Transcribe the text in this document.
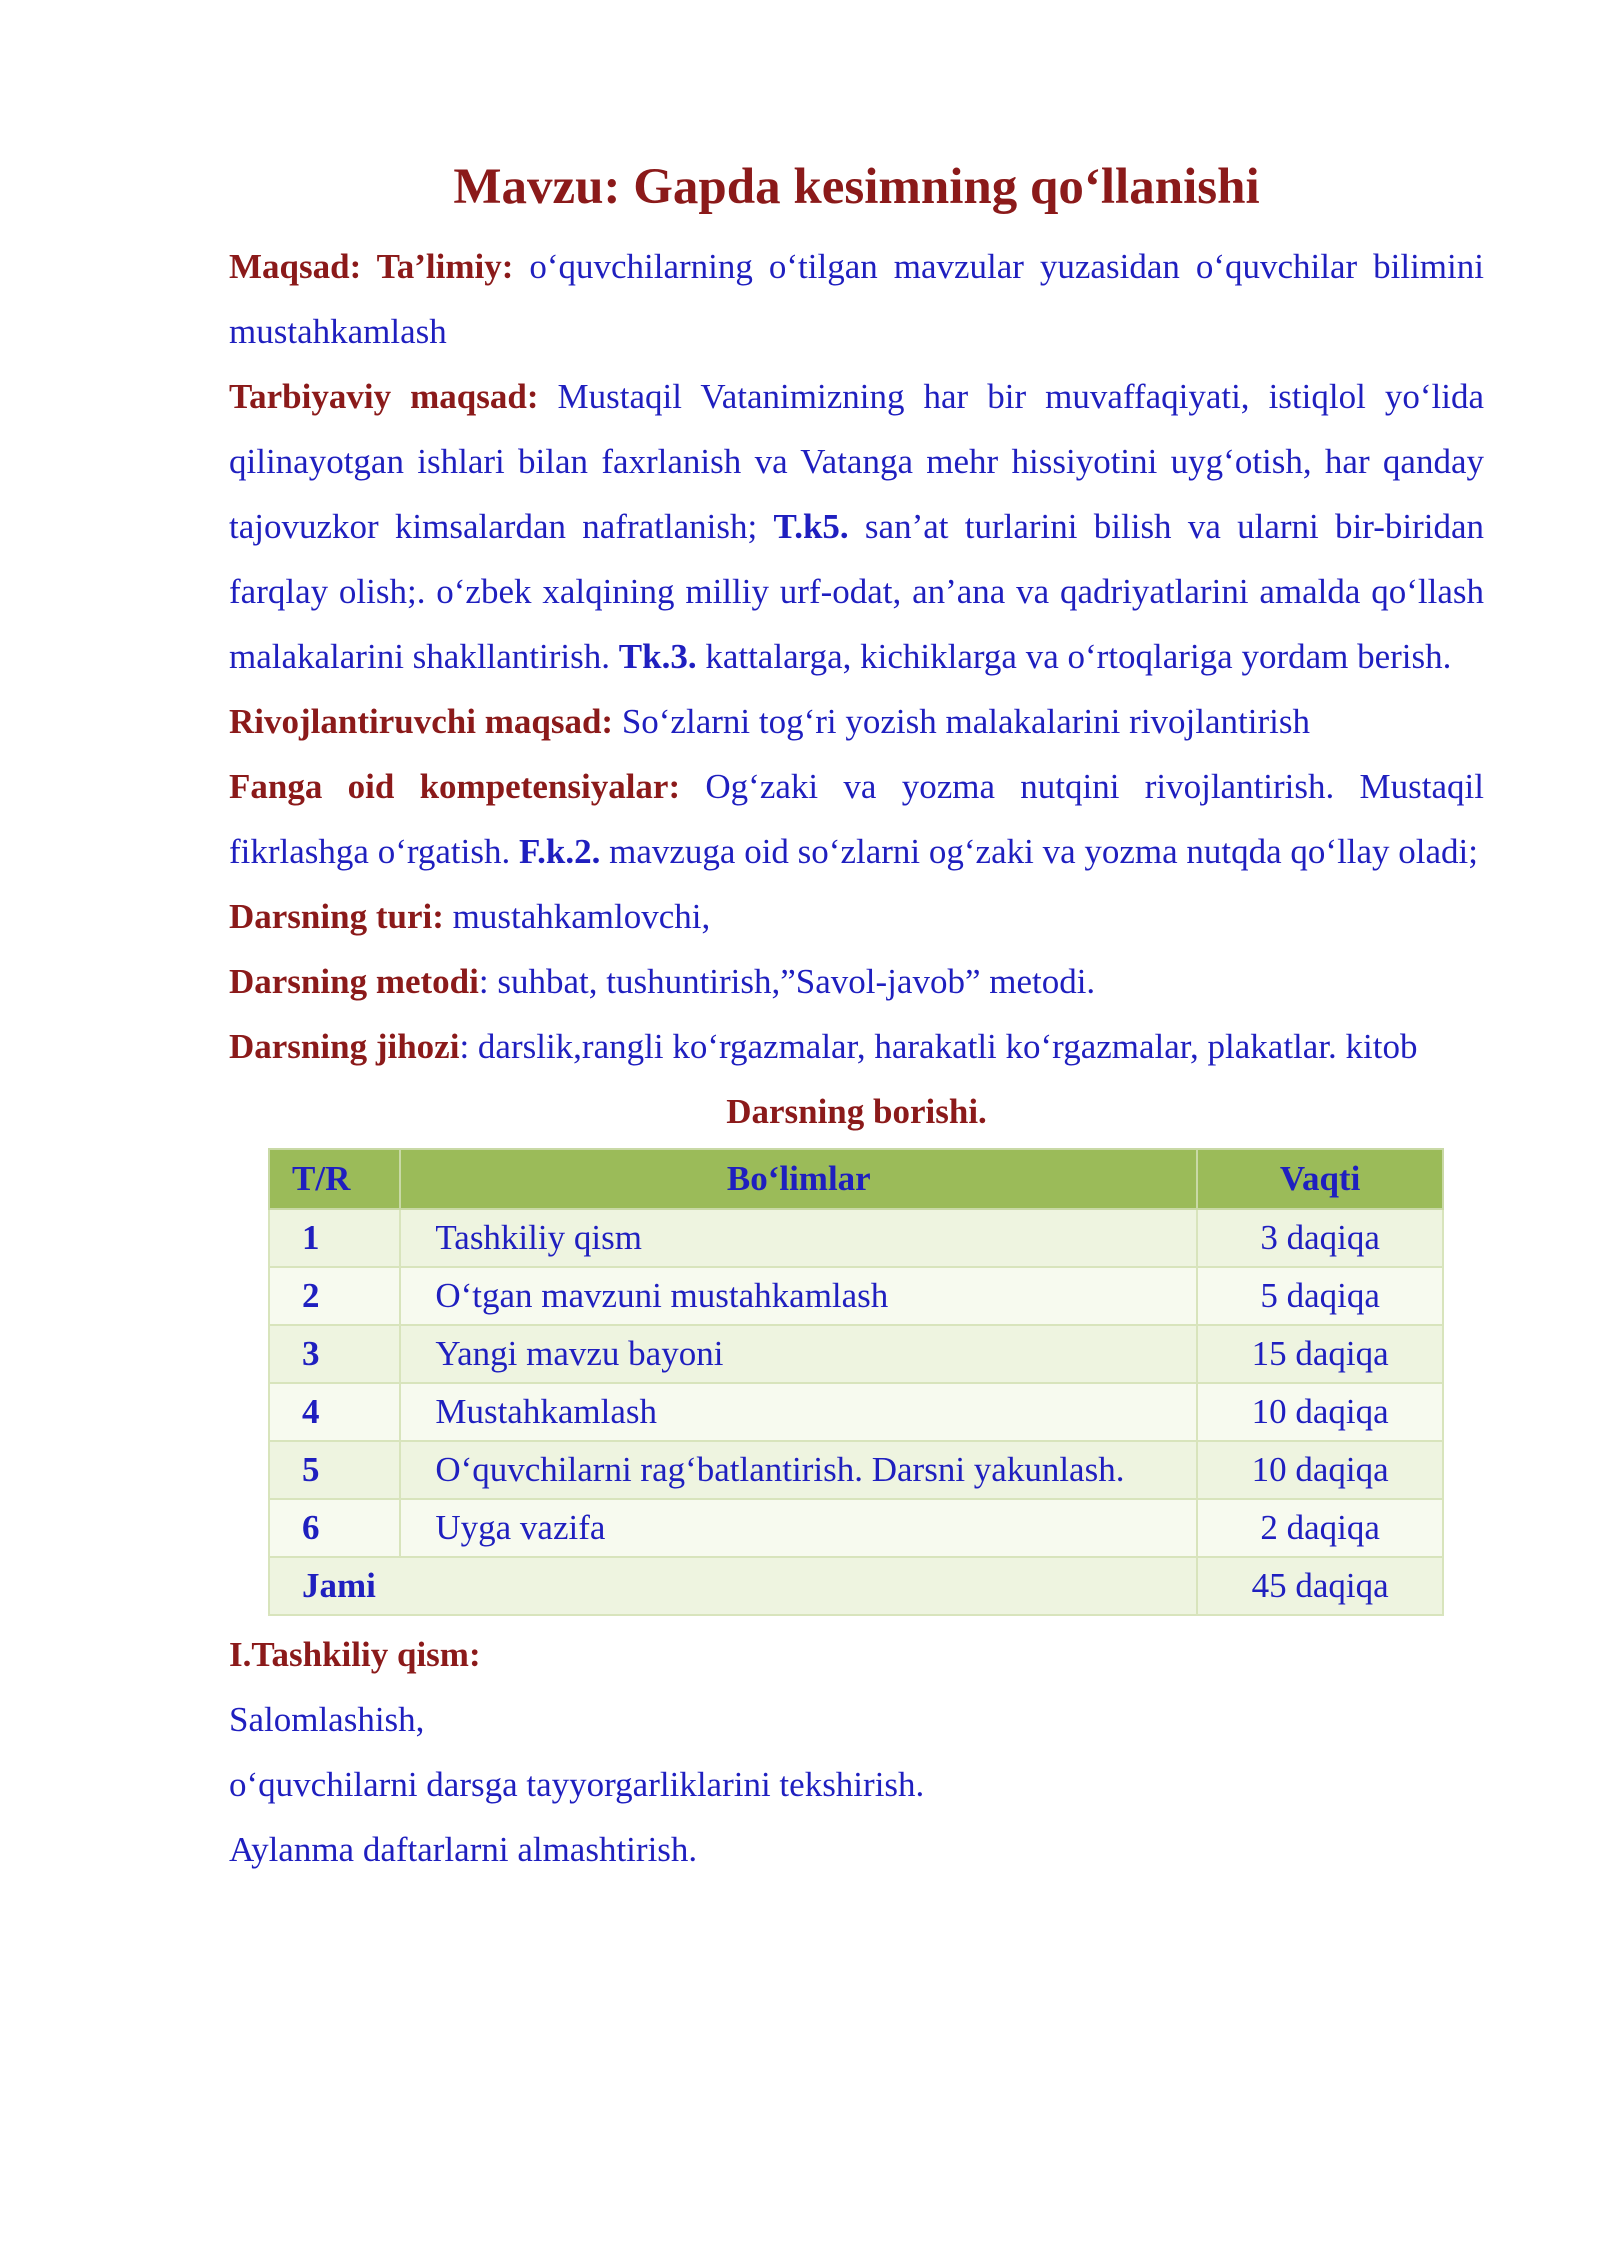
Mavzu: Gapda kesimning qo‘llanishi

Maqsad: Ta’limiy: o‘quvchilarning o‘tilgan mavzular yuzasidan o‘quvchilar bilimini mustahkamlash

Tarbiyaviy maqsad: Mustaqil Vatanimizning har bir muvaffaqiyati, istiqlol yo‘lida qilinayotgan ishlari bilan faxrlanish va Vatanga mehr hissiyotini uyg‘otish, har qanday tajovuzkor kimsalardan nafratlanish; T.k5. san’at turlarini bilish va ularni bir-biridan farqlay olish;. o‘zbek xalqining milliy urf-odat, an’ana va qadriyatlarini amalda qo‘llash malakalarini shakllantirish. Tk.3. kattalarga, kichiklarga va o‘rtoqlariga yordam berish.

Rivojlantiruvchi maqsad: So‘zlarni tog‘ri yozish malakalarini rivojlantirish

Fanga oid kompetensiyalar: Og‘zaki va yozma nutqini rivojlantirish. Mustaqil fikrlashga o‘rgatish. F.k.2. mavzuga oid so‘zlarni og‘zaki va yozma nutqda qo‘llay oladi;

Darsning turi: mustahkamlovchi,

Darsning metodi: suhbat, tushuntirish,”Savol-javob” metodi.

Darsning jihozi: darslik,rangli ko‘rgazmalar, harakatli ko‘rgazmalar, plakatlar. kitob

Darsning borishi.

T/R	Bo‘limlar	Vaqti
1	Tashkiliy qism	3 daqiqa
2	O‘tgan mavzuni mustahkamlash	5 daqiqa
3	Yangi mavzu bayoni	15 daqiqa
4	Mustahkamlash	10 daqiqa
5	O‘quvchilarni rag‘batlantirish. Darsni yakunlash.	10 daqiqa
6	Uyga vazifa	2 daqiqa
Jami		45 daqiqa

I.Tashkiliy qism:

Salomlashish,

o‘quvchilarni darsga tayyorgarliklarini tekshirish.

Aylanma daftarlarni almashtirish.
